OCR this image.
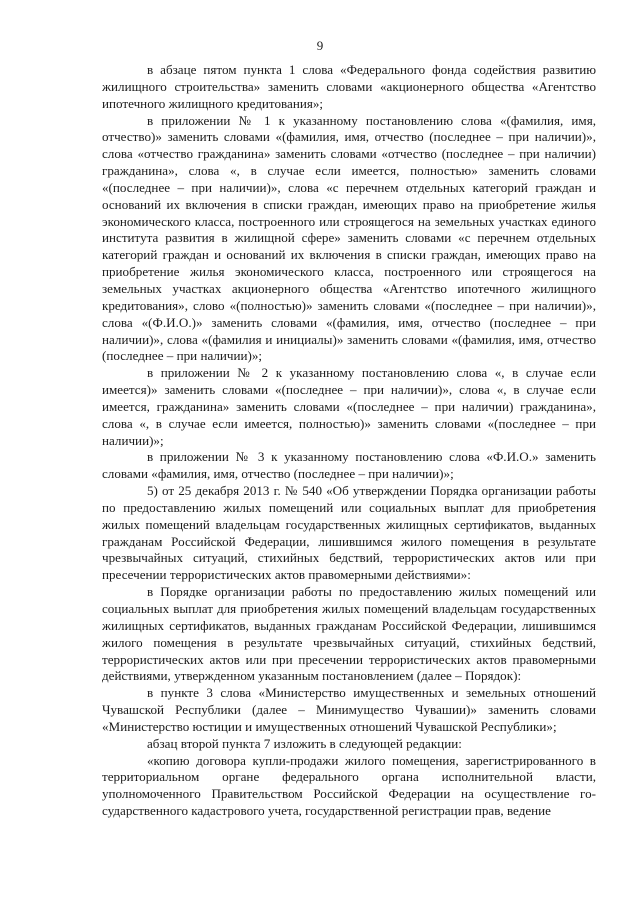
9

в абзаце пятом пункта 1 слова «Федерального фонда содействия развитию жилищного строительства» заменить словами «акционерного общества «Агентство ипотечного жилищного кредитования»;

в приложении № 1 к указанному постановлению слова «(фамилия, имя, отчество)» заменить словами «(фамилия, имя, отчество (последнее – при наличии)», слова «отчество гражданина» заменить словами «отчество (последнее – при наличии) гражданина», слова «, в случае если имеется, полностью» заменить словами «(последнее – при наличии)», слова «с перечнем отдельных категорий граждан и оснований их включения в списки граждан, имеющих право на приобретение жилья экономического класса, построенного или строящегося на земельных участках единого института развития в жилищной сфере» заменить словами «с перечнем отдельных категорий граждан и оснований их включения в списки граждан, имеющих право на приобретение жилья экономического класса, построенного или строящегося на земельных участках акционерного общества «Агентство ипотечного жилищного кредитования», слово «(полностью)» заменить словами «(последнее – при наличии)», слова «(Ф.И.О.)» заменить словами «(фамилия, имя, отчество (последнее – при наличии)», слова «(фамилия и инициалы)» заменить словами «(фамилия, имя, отчество (последнее – при наличии)»;

в приложении № 2 к указанному постановлению слова «, в случае если имеется)» заменить словами «(последнее – при наличии)», слова «, в случае если имеется, гражданина» заменить словами «(последнее – при наличии) гражданина», слова «, в случае если имеется, полностью)» заменить словами «(последнее – при наличии)»;

в приложении № 3 к указанному постановлению слова «Ф.И.О.» заменить словами «фамилия, имя, отчество (последнее – при наличии)»;

5) от 25 декабря 2013 г. № 540 «Об утверждении Порядка организации работы по предоставлению жилых помещений или социальных выплат для приобретения жилых помещений владельцам государственных жилищных сертификатов, выданных гражданам Российской Федерации, лишившимся жилого помещения в результате чрезвычайных ситуаций, стихийных бедствий, террористических актов или при пресечении террористических актов правомерными действиями»:

в Порядке организации работы по предоставлению жилых помещений или социальных выплат для приобретения жилых помещений владельцам государственных жилищных сертификатов, выданных гражданам Российской Федерации, лишившимся жилого помещения в результате чрезвычайных ситуаций, стихийных бедствий, террористических актов или при пресечении террористических актов правомерными действиями, утвержденном указанным постановлением (далее – Порядок):

в пункте 3 слова «Министерство имущественных и земельных отношений Чувашской Республики (далее – Минимущество Чувашии)» заменить словами «Министерство юстиции и имущественных отношений Чувашской Республики»;

абзац второй пункта 7 изложить в следующей редакции:

«копию договора купли-продажи жилого помещения, зарегистрированного в территориальном органе федерального органа исполнительной власти, уполномоченного Правительством Российской Федерации на осуществление государственного кадастрового учета, государственной регистрации прав, ведение
